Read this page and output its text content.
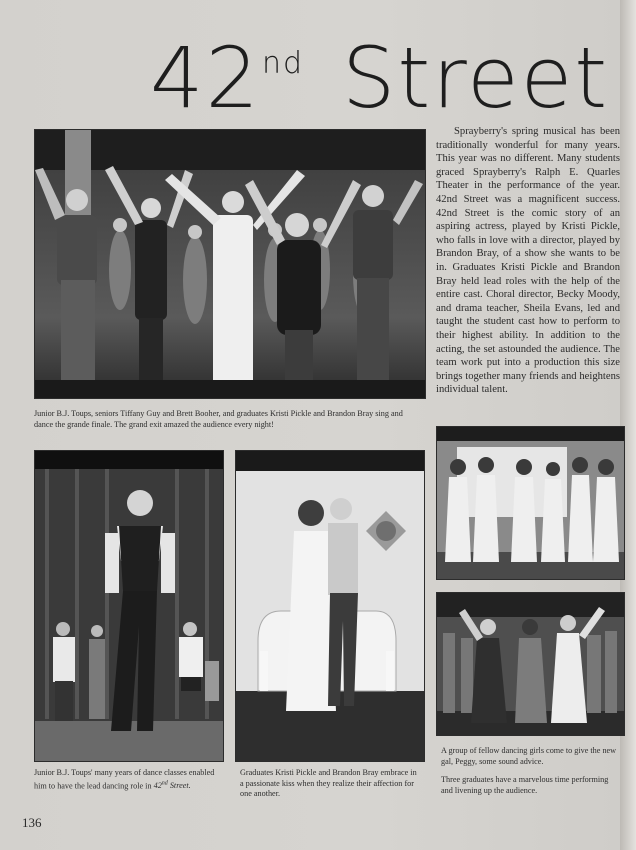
42 nd Street

Sprayberry's spring musical has been traditionally wonderful for many years. This year was no different. Many students graced Sprayberry's Ralph E. Quarles Theater in the performance of the year. 42nd Street was a magnificent success. 42nd Street is the comic story of an aspiring actress, played by Kristi Pickle, who falls in love with a director, played by Brandon Bray, of a show she wants to be in. Graduates Kristi Pickle and Brandon Bray held lead roles with the help of the entire cast. Choral director, Becky Moody, and drama teacher, Sheila Evans, led and taught the student cast how to perform to their highest ability. In addition to the acting, the set astounded the audience. The team work put into a production this size brings together many friends and heightens individual talent.

Junior B.J. Toups, seniors Tiffany Guy and Brett Booher, and graduates Kristi Pickle and Brandon Bray sing and dance the grande finale. The grand exit amazed the audience every night!

Junior B.J. Toups' many years of dance classes enabled him to have the lead dancing role in 42nd Street.

Graduates Kristi Pickle and Brandon Bray embrace in a passionate kiss when they realize their affection for one another.

A group of fellow dancing girls come to give the new gal, Peggy, some sound advice.

Three graduates have a marvelous time performing and livening up the audience.

136
